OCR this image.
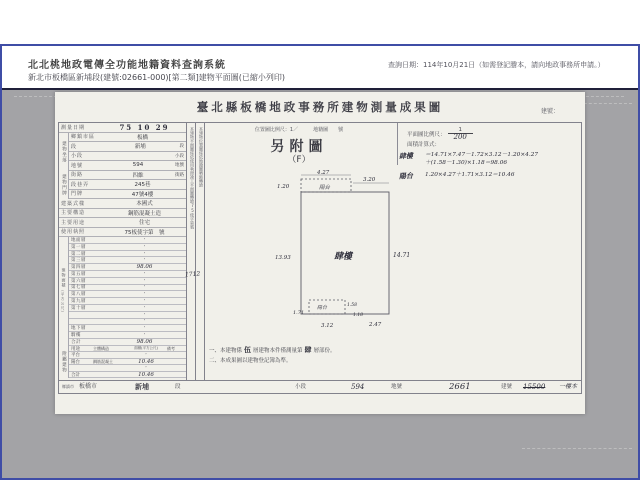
北北桃地政電傳全功能地籍資料查詢系統	查詢日期：114年10月21日（如需登記謄本，請向地政事務所申請。）
新北市板橋區新埔段(建號:02661-000)[第二類]建物平面圖(已縮小列印)
臺北縣板橋地政事務所建物測量成果圖	建號：
測量日期	75 10 29
建物坐落
鄉鎮市區	板橋
段	新埔	段
小段	小段
地號	594	地號
建物門牌 街路	四維	街路
段巷弄	245巷
門牌	47號4樓
建築式樣	本國式
主要構造	鋼筋混凝土造
主要用途	住宅
使用執照	75板使字第　號
建物面積
（平方公尺）
地面層	·
第一層	·
第二層	·
第三層	·
第四層	98.06
第五層	·
第六層	·
第七層	·
第八層	·
第九層	·
第十層	·
·
·
地下層	·
騎樓	·
合計	98.06
附屬建物
用途	主體構造	面積(平方公尺)	備考
平台	·
陽台	鋼筋混凝土	10.46
·
合計	10.46
本建物平面圖係依使用執照竣工平面圖轉繪75使字第號	本建物位置圖係依地籍圖晒縮轉繪
1712
位置圖比例尺：1／　　　地籍圖　　號
另附圖
（F）
1.20
4.27
3.20
陽台
肆樓
13.93	14.71
陽台
1.71
3.12
1.58
1.18
2.47
一、本建物係 伍 層建物本件僅測量第 肆 層部份。
二、本成果圖以建物登記簿為準。
平面圖比例尺： $\frac{1}{200}$
面積計算式：
肆樓	＝14.71×7.47－1.72×3.12－1.20×4.27
＋(1.58－1.30)×1.18＝98.06
陽台	1.20×4.27＋1.71×3.12＝10.46

鄉鎮市 板橋市	新埔	段	小段	594	地號	2661	建號 15500 一樓本
